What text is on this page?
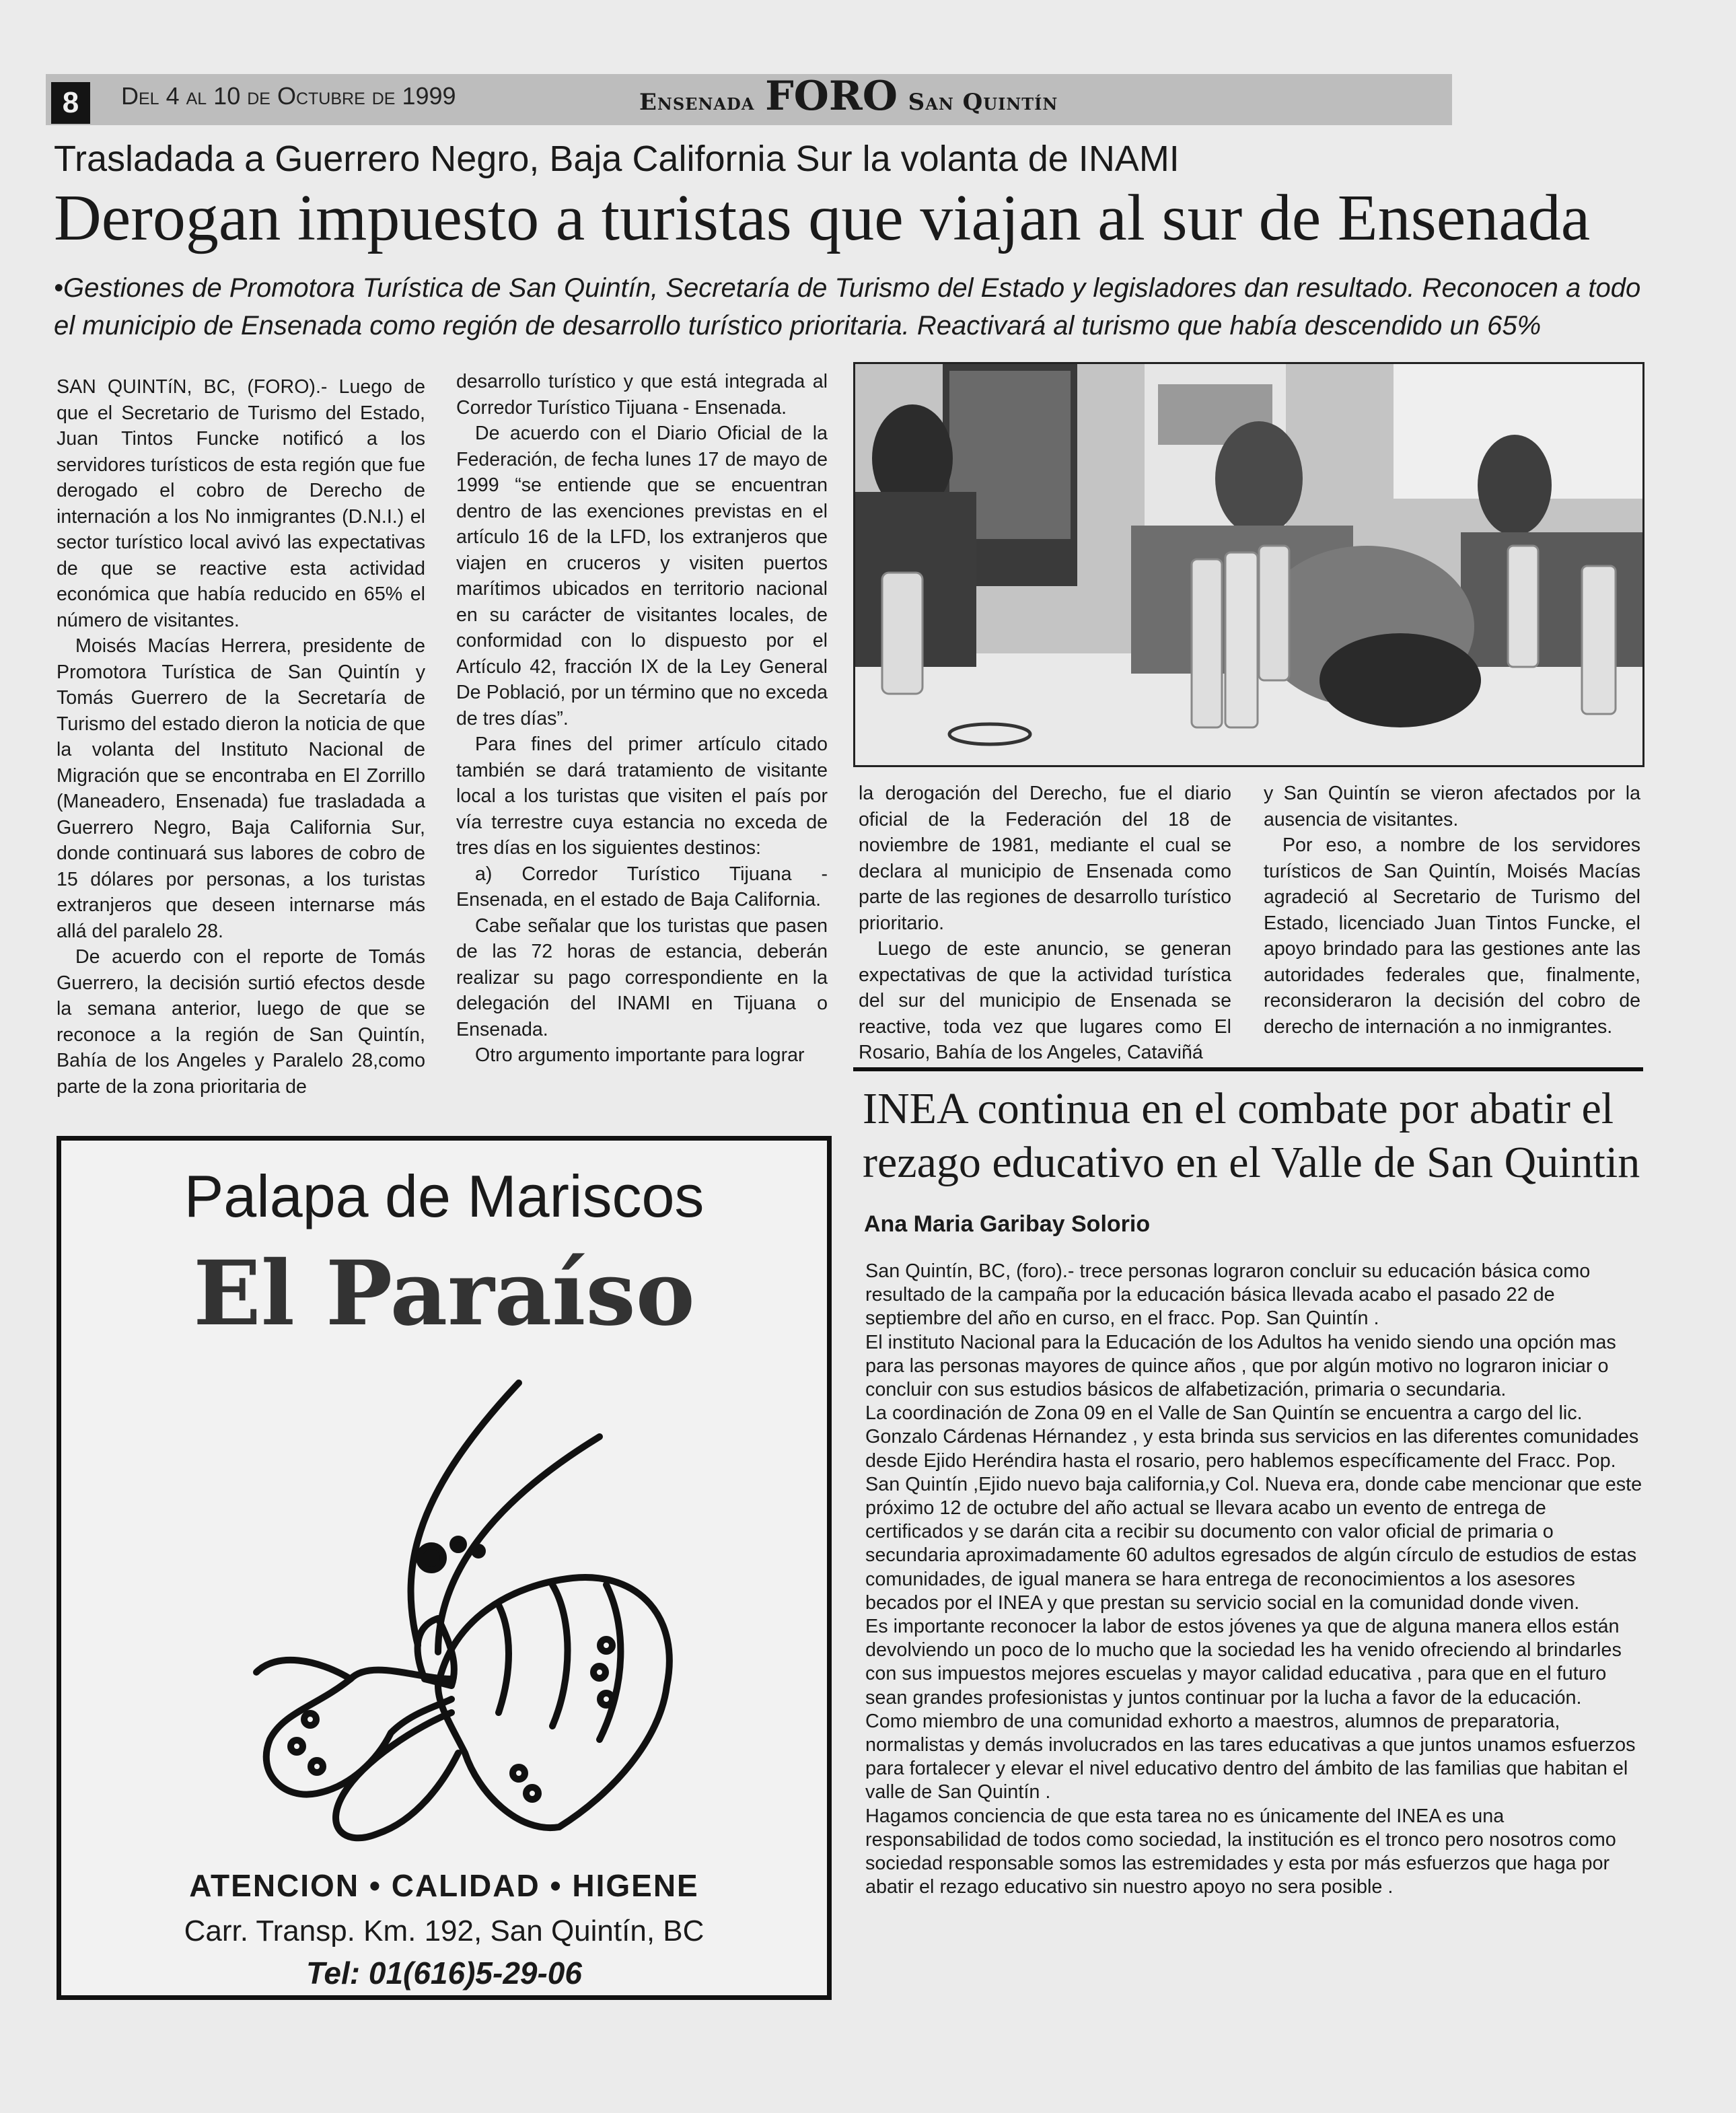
8	Del 4 al 10 de Octubre de 1999	Ensenada FORO San Quintín
Trasladada a Guerrero Negro, Baja California Sur la volanta de INAMI
Derogan impuesto a turistas que viajan al sur de Ensenada
•Gestiones de Promotora Turística de San Quintín, Secretaría de Turismo del Estado y legisladores dan resultado. Reconocen a todo el municipio de Ensenada como región de desarrollo turístico prioritaria. Reactivará al turismo que había descendido un 65%

SAN QUINTíN, BC, (FORO).- Luego de que el Secretario de Turismo del Estado, Juan Tintos Funcke notificó a los servidores turísticos de esta región que fue derogado el cobro de Derecho de internación a los No inmigrantes (D.N.I.) el sector turístico local avivó las expectativas de que se reactive esta actividad económica que había reducido en 65% el número de visitantes.

Moisés Macías Herrera, presidente de Promotora Turística de San Quintín y Tomás Guerrero de la Secretaría de Turismo del estado dieron la noticia de que la volanta del Instituto Nacional de Migración que se encontraba en El Zorrillo (Maneadero, Ensenada) fue trasladada a Guerrero Negro, Baja California Sur, donde continuará sus labores de cobro de 15 dólares por personas, a los turistas extranjeros que deseen internarse más allá del paralelo 28.

De acuerdo con el reporte de Tomás Guerrero, la decisión surtió efectos desde la semana anterior, luego de que se reconoce a la región de San Quintín, Bahía de los Angeles y Paralelo 28,como parte de la zona prioritaria de

desarrollo turístico y que está integrada al Corredor Turístico Tijuana - Ensenada.

De acuerdo con el Diario Oficial de la Federación, de fecha lunes 17 de mayo de 1999 “se entiende que se encuentran dentro de las exenciones previstas en el artículo 16 de la LFD, los extranjeros que viajen en cruceros y visiten puertos marítimos ubicados en territorio nacional en su carácter de visitantes locales, de conformidad con lo dispuesto por el Artículo 42, fracción IX de la Ley General De Població, por un término que no exceda de tres días”.

Para fines del primer artículo citado también se dará tratamiento de visitante local a los turistas que visiten el país por vía terrestre cuya estancia no exceda de tres días en los siguientes destinos:

a) Corredor Turístico Tijuana - Ensenada, en el estado de Baja California.

Cabe señalar que los turistas que pasen de las 72 horas de estancia, deberán realizar su pago correspondiente en la delegación del INAMI en Tijuana o Ensenada.

Otro argumento importante para lograr

la derogación del Derecho, fue el diario oficial de la Federación del 18 de noviembre de 1981, mediante el cual se declara al municipio de Ensenada como parte de las regiones de desarrollo turístico prioritario.

Luego de este anuncio, se generan expectativas de que la actividad turística del sur del municipio de Ensenada se reactive, toda vez que lugares como El Rosario, Bahía de los Angeles, Cataviñá

y San Quintín se vieron afectados por la ausencia de visitantes.

Por eso, a nombre de los servidores turísticos de San Quintín, Moisés Macías agradeció al Secretario de Turismo del Estado, licenciado Juan Tintos Funcke, el apoyo brindado para las gestiones ante las autoridades federales que, finalmente, reconsideraron la decisión del cobro de derecho de internación a no inmigrantes.

INEA continua en el combate por abatir el rezago educativo en el Valle de San Quintin
Ana Maria Garibay Solorio

San Quintín, BC, (foro).- trece personas lograron concluir su educación básica como resultado de la campaña por la educación básica llevada acabo el pasado 22 de septiembre del año en curso, en el fracc. Pop. San Quintín .

El instituto Nacional para la Educación de los Adultos ha venido siendo una opción mas para las personas mayores de quince años , que por algún motivo no lograron iniciar o concluir con sus estudios básicos de alfabetización, primaria o secundaria.

La coordinación de Zona 09 en el Valle de San Quintín se encuentra a cargo del lic. Gonzalo Cárdenas Hérnandez , y esta brinda sus servicios en las diferentes comunidades desde Ejido Heréndira hasta el rosario, pero hablemos específicamente del Fracc. Pop. San Quintín ,Ejido nuevo baja california,y Col. Nueva era, donde cabe mencionar que este próximo 12 de octubre del año actual se llevara acabo un evento de entrega de certificados y se darán cita a recibir su documento con valor oficial de primaria o secundaria aproximadamente 60 adultos egresados de algún círculo de estudios de estas comunidades, de igual manera se hara entrega de reconocimientos a los asesores becados por el INEA y que prestan su servicio social en la comunidad donde viven.

Es importante reconocer la labor de estos jóvenes ya que de alguna manera ellos están devolviendo un poco de lo mucho que la sociedad les ha venido ofreciendo al brindarles con sus impuestos mejores escuelas y mayor calidad educativa , para que en el futuro sean grandes profesionistas y juntos continuar por la lucha a favor de la educación.

Como miembro de una comunidad exhorto a maestros, alumnos de preparatoria, normalistas y demás involucrados en las tares educativas a que juntos unamos esfuerzos para fortalecer y elevar el nivel educativo dentro del ámbito de las familias que habitan el valle de San Quintín .

Hagamos conciencia de que esta tarea no es únicamente del INEA es una responsabilidad de todos como sociedad, la institución es el tronco pero nosotros como sociedad responsable somos las estremidades y esta por más esfuerzos que haga por abatir el rezago educativo sin nuestro apoyo no sera posible .

Palapa de Mariscos
El Paraíso
ATENCION • CALIDAD • HIGENE
Carr. Transp. Km. 192, San Quintín, BC
Tel: 01(616)5-29-06
